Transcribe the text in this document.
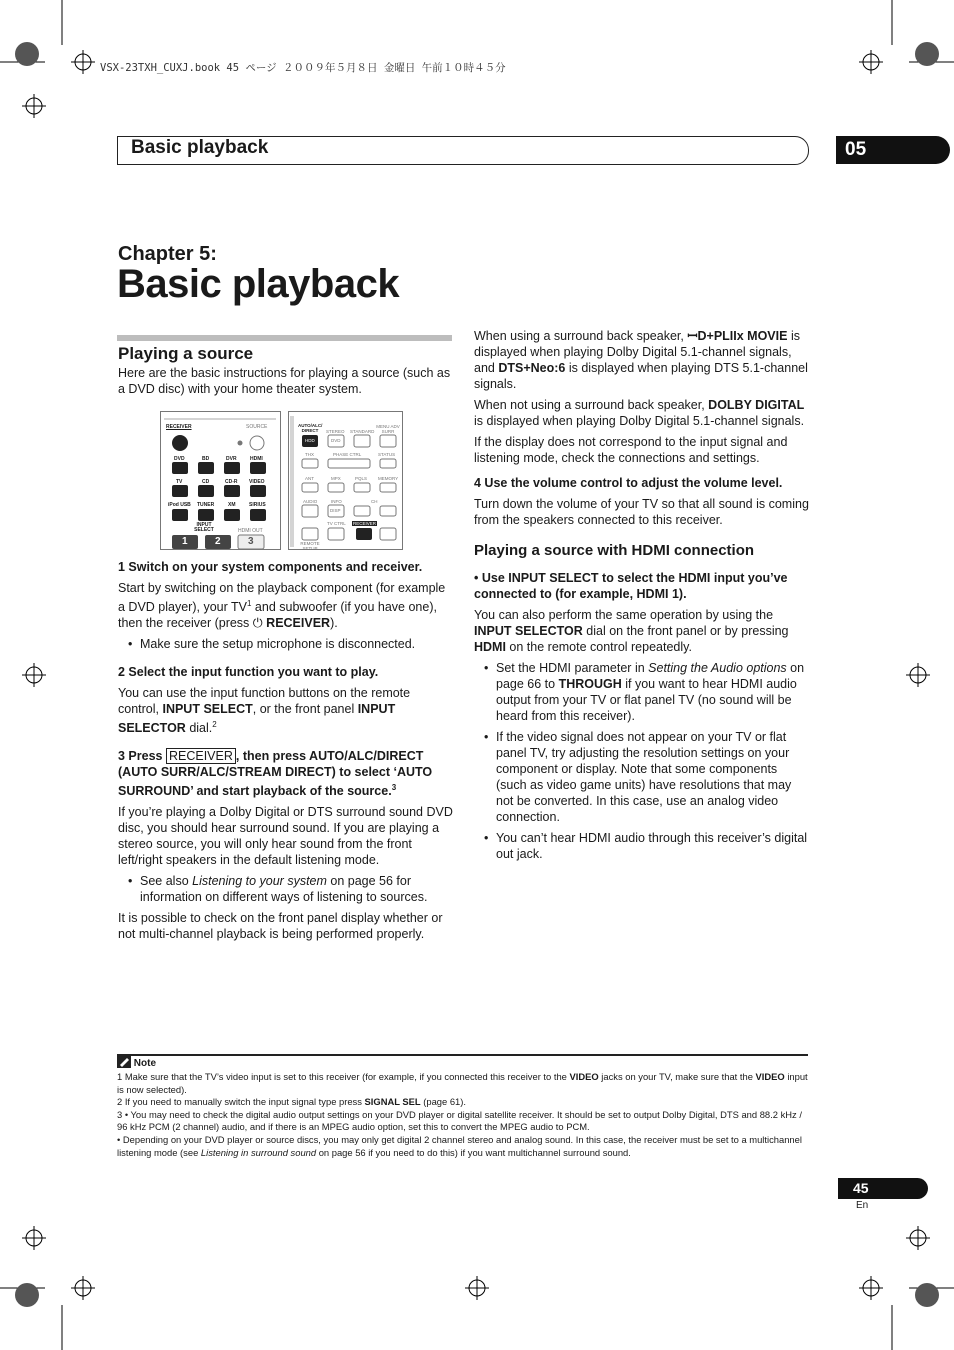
VSX-23TXH_CUXJ.book 45 ページ ２００９年５月８日 金曜日 午前１０時４５分
Basic playback	05
Chapter 5:
Basic playback
Playing a source

Here are the basic instructions for playing a source (such as a DVD disc) with your home theater system.

RECEIVER	SOURCE
DVD	BD	DVR	HDMI
TV	CD	CD-R VIDEO
iPod USB TUNER	XM	SIRIUS
INPUT SELECT	HDMI OUT
1	2	3
AUTO/ALC/ DIRECT	STEREO STANDARD
MENU ADV SURR
HDD	DVD
THX	PHASE CTRL	STATUS
ANT	MPX	PQLS MEMORY
AUDIO	INFO	CH
DISP
TV CTRL RECEIVER
REMOTE SETUP

1 Switch on your system components and receiver.

Start by switching on the playback component (for example a DVD player), your $TV^1$ and subwoofer (if you have one), then the receiver (press ⏻ RECEIVER).

• Make sure the setup microphone is disconnected.

2 Select the input function you want to play.

You can use the input function buttons on the remote control, INPUT SELECT, or the front panel INPUT SELECTOR dial.$^2$

3 Press RECEIVER , then press AUTO/ALC/DIRECT (AUTO SURR/ALC/STREAM DIRECT) to select ‘AUTO SURROUND’ and start playback of the source.$^3$

If you’re playing a Dolby Digital or DTS surround sound DVD disc, you should hear surround sound. If you are playing a stereo source, you will only hear sound from the front left/right speakers in the default listening mode.

• See also Listening to your system on page 56 for information on different ways of listening to sources.

It is possible to check on the front panel display whether or not multi-channel playback is being performed properly.

When using a surround back speaker, ꟷD+PLIIx MOVIE is displayed when playing Dolby Digital 5.1-channel signals, and DTS+Neo:6 is displayed when playing DTS 5.1-channel signals.

When not using a surround back speaker, DOLBY DIGITAL is displayed when playing Dolby Digital 5.1-channel signals.

If the display does not correspond to the input signal and listening mode, check the connections and settings.

4 Use the volume control to adjust the volume level.

Turn down the volume of your TV so that all sound is coming from the speakers connected to this receiver.

Playing a source with HDMI connection

• Use INPUT SELECT to select the HDMI input you’ve connected to (for example, HDMI 1).

You can also perform the same operation by using the INPUT SELECTOR dial on the front panel or by pressing HDMI on the remote control repeatedly.

• Set the HDMI parameter in Setting the Audio options on page 66 to THROUGH if you want to hear HDMI audio output from your TV or flat panel TV (no sound will be heard from this receiver).

• If the video signal does not appear on your TV or flat panel TV, try adjusting the resolution settings on your component or display. Note that some components (such as video game units) have resolutions that may not be converted. In this case, use an analog video connection.

• You can’t hear HDMI audio through this receiver’s digital out jack.

Note

1 Make sure that the TV’s video input is set to this receiver (for example, if you connected this receiver to the VIDEO jacks on your TV, make sure that the VIDEO input is now selected).

2 If you need to manually switch the input signal type press SIGNAL SEL (page 61).

3 • You may need to check the digital audio output settings on your DVD player or digital satellite receiver. It should be set to output Dolby Digital, DTS and 88.2 kHz / 96 kHz PCM (2 channel) audio, and if there is an MPEG audio option, set this to convert the MPEG audio to PCM.

• Depending on your DVD player or source discs, you may only get digital 2 channel stereo and analog sound. In this case, the receiver must be set to a multichannel listening mode (see Listening in surround sound on page 56 if you need to do this) if you want multichannel surround sound.

45
En
